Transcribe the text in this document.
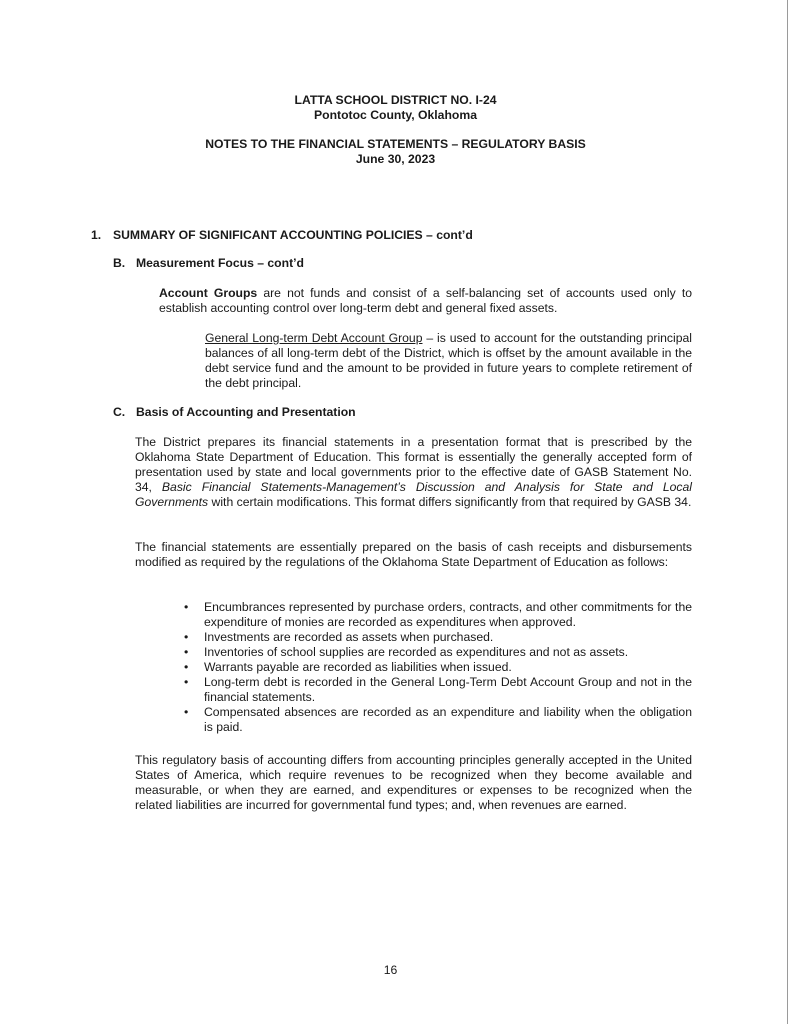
LATTA SCHOOL DISTRICT NO. I-24
Pontotoc County, Oklahoma
NOTES TO THE FINANCIAL STATEMENTS – REGULATORY BASIS
June 30, 2023
1. SUMMARY OF SIGNIFICANT ACCOUNTING POLICIES – cont’d
B. Measurement Focus – cont’d
Account Groups are not funds and consist of a self-balancing set of accounts used only to establish accounting control over long-term debt and general fixed assets.
General Long-term Debt Account Group – is used to account for the outstanding principal balances of all long-term debt of the District, which is offset by the amount available in the debt service fund and the amount to be provided in future years to complete retirement of the debt principal.
C. Basis of Accounting and Presentation
The District prepares its financial statements in a presentation format that is prescribed by the Oklahoma State Department of Education. This format is essentially the generally accepted form of presentation used by state and local governments prior to the effective date of GASB Statement No. 34, Basic Financial Statements-Management’s Discussion and Analysis for State and Local Governments with certain modifications. This format differs significantly from that required by GASB 34.
The financial statements are essentially prepared on the basis of cash receipts and disbursements modified as required by the regulations of the Oklahoma State Department of Education as follows:
• Encumbrances represented by purchase orders, contracts, and other commitments for the expenditure of monies are recorded as expenditures when approved.
• Investments are recorded as assets when purchased.
• Inventories of school supplies are recorded as expenditures and not as assets.
• Warrants payable are recorded as liabilities when issued.
• Long-term debt is recorded in the General Long-Term Debt Account Group and not in the financial statements.
• Compensated absences are recorded as an expenditure and liability when the obligation is paid.
This regulatory basis of accounting differs from accounting principles generally accepted in the United States of America, which require revenues to be recognized when they become available and measurable, or when they are earned, and expenditures or expenses to be recognized when the related liabilities are incurred for governmental fund types; and, when revenues are earned.
16
